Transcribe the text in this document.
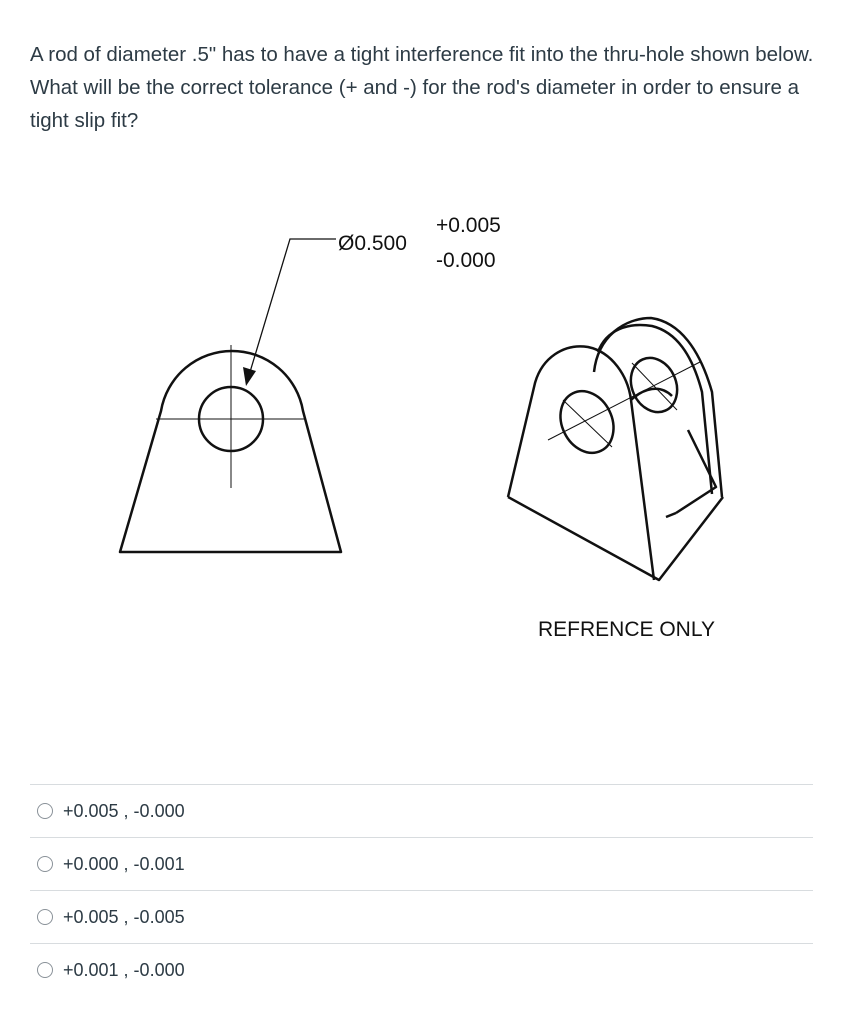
A rod of diameter .5" has to have a tight interference fit into the thru-hole shown below. What will be the correct tolerance (+ and -) for the rod's diameter in order to ensure a tight slip fit?
Ø0.500
+0.005
-0.000
REFRENCE ONLY
+0.005 , -0.000
+0.000 , -0.001
+0.005 , -0.005
+0.001 , -0.000
